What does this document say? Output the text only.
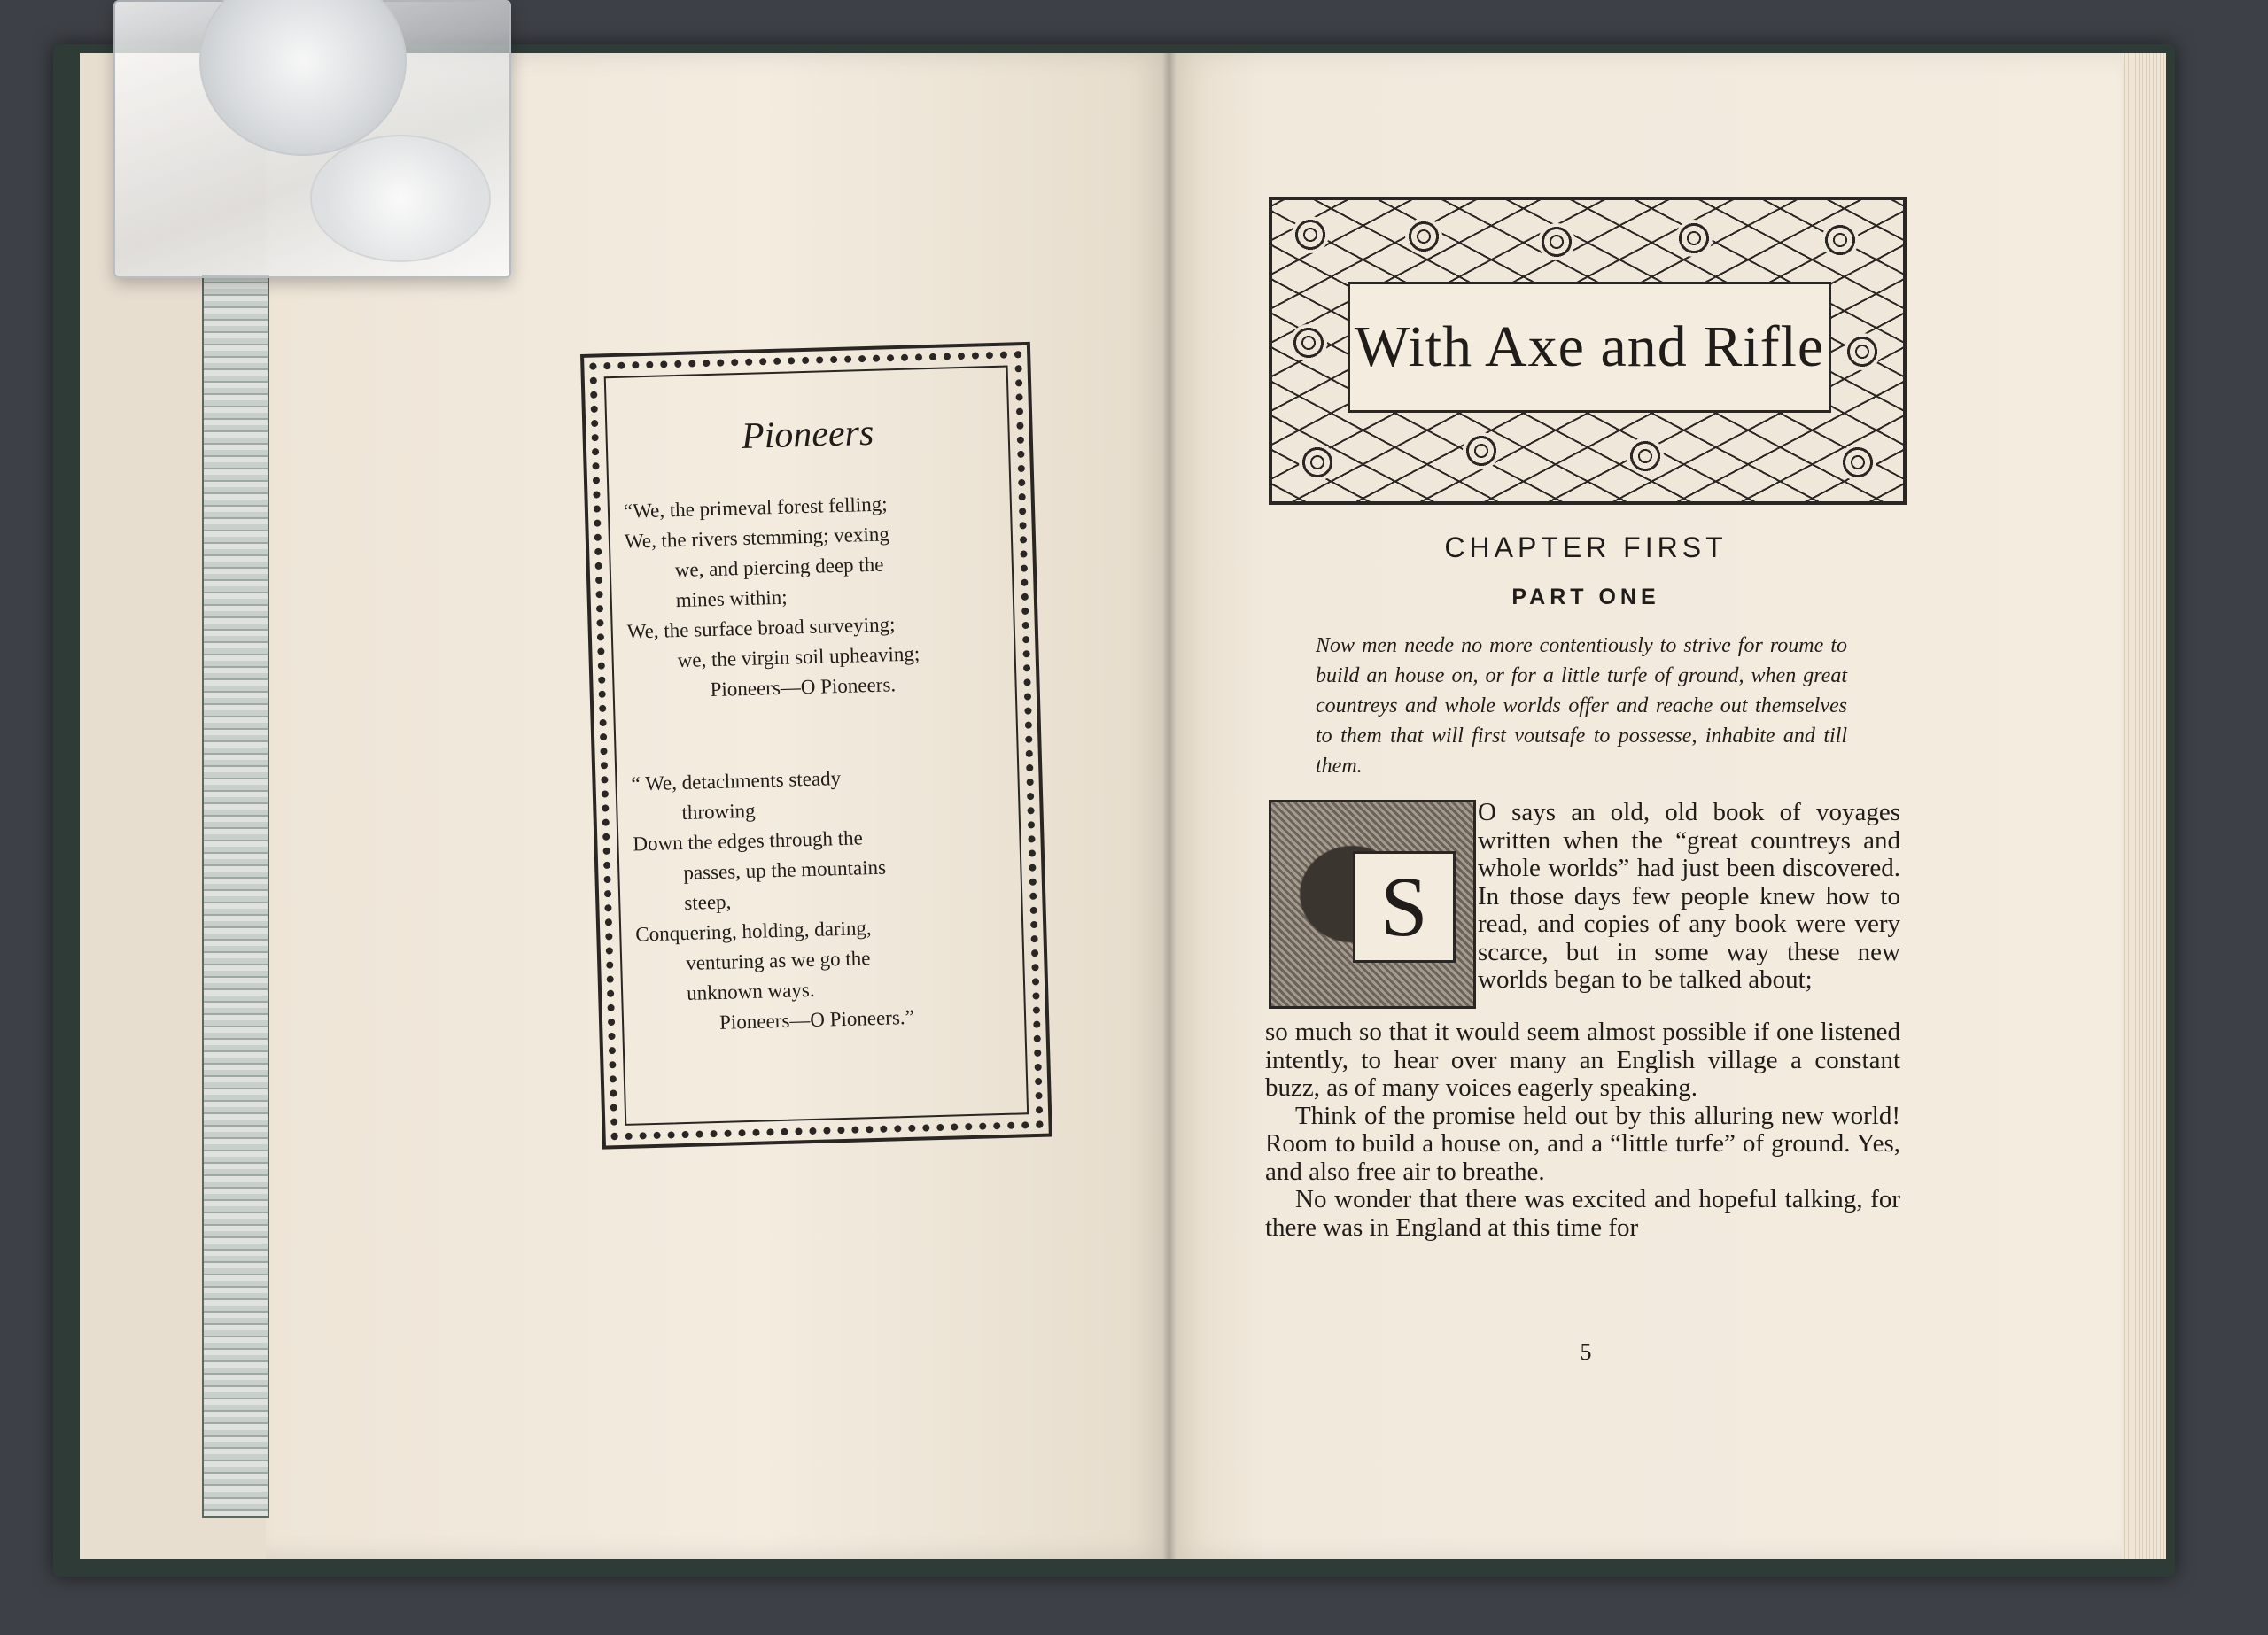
Pioneers
“We, the primeval forest felling;
We, the rivers stemming; vexing
we, and piercing deep the
mines within;
We, the surface broad surveying;
we, the virgin soil upheaving;
Pioneers—O Pioneers.
“ We, detachments steady
throwing
Down the edges through the
passes, up the mountains
steep,
Conquering, holding, daring,
venturing as we go the
unknown ways.
Pioneers—O Pioneers.”
With Axe and Rifle
CHAPTER FIRST
PART ONE
Now men neede no more contentiously to strive for roume to build an house on, or for a little turfe of ground, when great countreys and whole worlds offer and reache out themselves to them that will first voutsafe to possesse, inhabite and till them.
S

O says an old, old book of voyages written when the “great countreys and whole worlds” had just been discovered. In those days few people knew how to read, and copies of any book were very scarce, but in some way these new worlds began to be talked about;

so much so that it would seem almost possible if one listened intently, to hear over many an English village a constant buzz, as of many voices eagerly speaking.

Think of the promise held out by this alluring new world! Room to build a house on, and a “little turfe” of ground. Yes, and also free air to breathe.

No wonder that there was excited and hopeful talking, for there was in England at this time for

5
